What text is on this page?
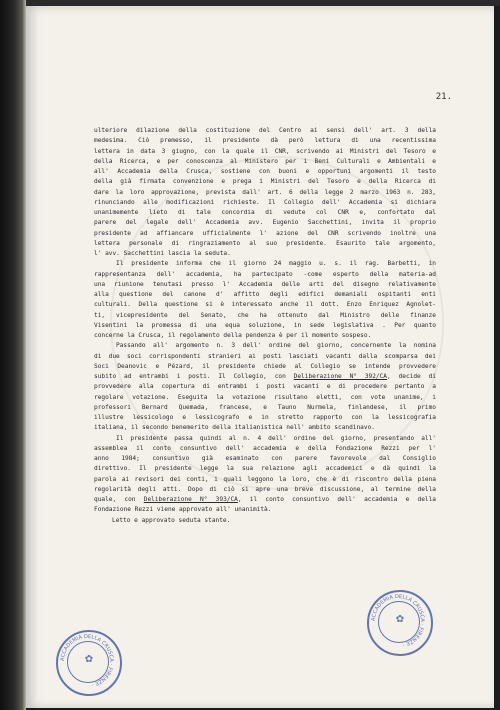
21.
ulteriore dilazione della costituzione del Centro ai sensi dell' art. 3 della
medesima. Ciò premesso, il presidente dà però lettura di una recentissima
lettera in data 3 giugno, con la quale il CNR, scrivendo ai Ministri del Tesoro e
della Ricerca, e per conoscenza al Ministero per i Beni Culturali e Ambientali e
all' Accademia della Crusca, sostiene con buoni e opportuni argomenti il testo
della già firmata convenzione e prega i Ministri del Tesoro e della Ricerca di
dare la loro approvazione, prevista dall' art. 6 della legge 2 marzo 1963 n. 283,
rinunciando alle modificazioni richieste. Il Collegio dell' Accademia si dichiara
unanimemente lieto di tale concordia di vedute col CNR e, confortato dal
parere del legale dell' Accademia avv. Eugenio Sacchettini, invita il proprio
presidente ad affiancare ufficialmente l' azione del CNR scrivendo inoltre una
lettera personale di ringraziamento al suo presidente. Esaurito tale argomento,
l' avv. Sacchettini lascia la seduta.
Il presidente informa che il giorno 24 maggio u. s. il rag. Barbetti, in
rappresentanza dell' accademia, ha partecipato -come esperto della materia-ad
una riunione tenutasi presso l' Accademia delle arti del disegno relativamente
alla questione del canone d' affitto degli edifici demaniali ospitanti enti
culturali. Della questione si è interessato anche il dott. Enzo Enriquez Agnolet-
ti, vicepresidente del Senato, che ha ottenuto dal Ministro delle finanze
Visentini la promessa di una equa soluzione, in sede legislativa . Per quanto
concerne la Crusca, il regolamento della pendenza è per il momento sospeso.
Passando all' argomento n. 3 dell' ordine del giorno, concernente la nomina
di due soci corrispondenti stranieri ai posti lasciati vacanti dalla scomparsa dei
Soci Deanovic e Pézard, il presidente chiede al Collegio se intende provvedere
subito ad entrambi i posti. Il Collegio, con Deliberazione N° 392/CA, decide di
provvedere alla copertura di entrambi i posti vacanti e di procedere pertanto a
regolare votazione. Eseguita la votazione risultano eletti, con vote unanime, i
professori Bernard Quemada, francese, e Tauno Nurmela, finlandese, il primo
illustre lessicologo e lessicografo e in stretto rapporto con la lessicografia
italiana, il secondo benemerito della italianistica nell' ambito scandinavo.
Il presidente passa quindi al n. 4 dell' ordine del giorno, presentando all'
assemblea il conto consuntivo dell' accademia e della Fondazione Rezzi per l'
anno 1984; consuntivo già esaminato con parere favorevole dal Consiglio
direttivo. Il presidente legge la sua relazione agli accademici e dà quindi la
parola ai revisori dei conti, i quali leggono la loro, che è di riscontro della piena
regolarità degli atti. Dopo di ciò si apre una breve discussione, al termine della
quale, con Deliberazione N° 393/CA, il conto consuntivo dell' accademia e della
Fondazione Rezzi viene approvato all' unanimità.
Letto e approvato seduta stante.
ACCADEMIA DELLA CRUSCA · FIRENZE ·
✿
ACCADEMIA DELLA CRUSCA · FIRENZE ·
✿
